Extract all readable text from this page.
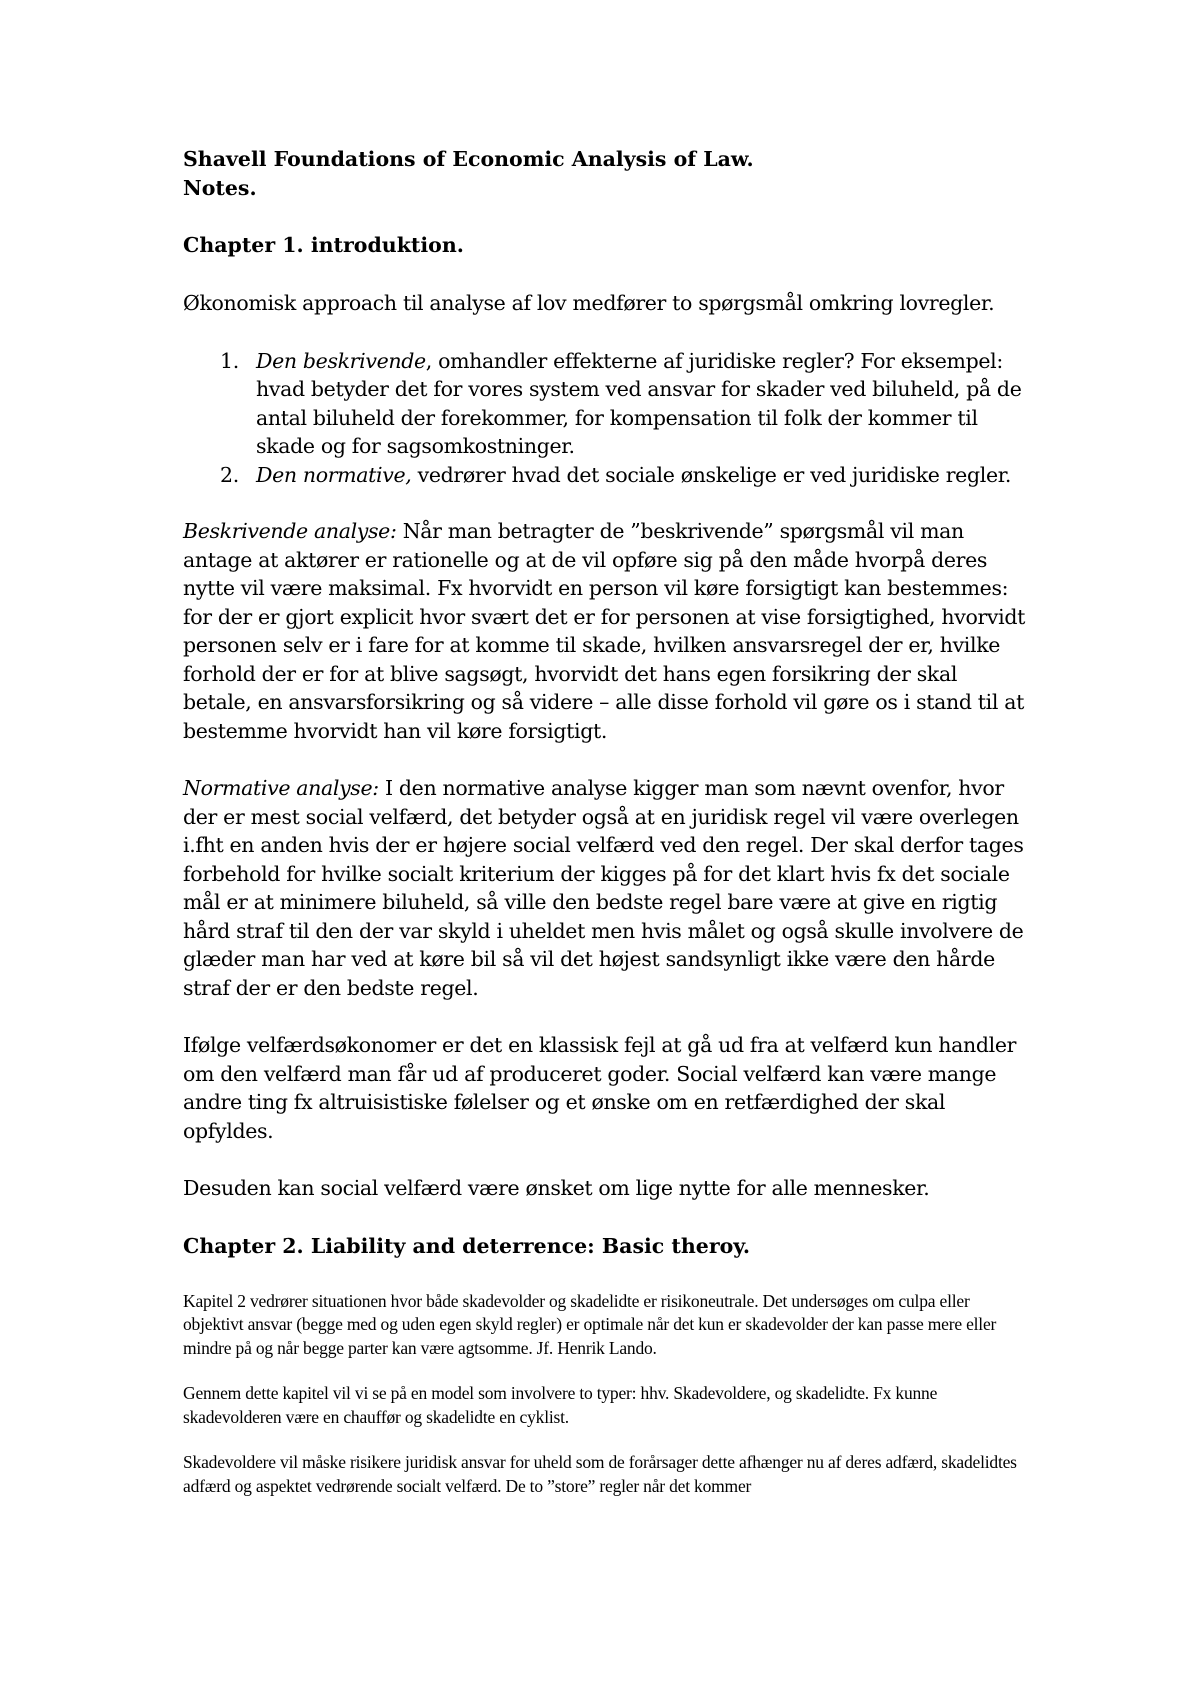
Shavell Foundations of Economic Analysis of Law.
Notes.
Chapter 1. introduktion.

Økonomisk approach til analyse af lov medfører to spørgsmål omkring lovregler.

1. Den beskrivende, omhandler effekterne af juridiske regler? For eksempel: hvad betyder det for vores system ved ansvar for skader ved biluheld, på de antal biluheld der forekommer, for kompensation til folk der kommer til skade og for sagsomkostninger.
2. Den normative, vedrører hvad det sociale ønskelige er ved juridiske regler.

Beskrivende analyse: Når man betragter de ”beskrivende” spørgsmål vil man antage at aktører er rationelle og at de vil opføre sig på den måde hvorpå deres nytte vil være maksimal. Fx hvorvidt en person vil køre forsigtigt kan bestemmes: for der er gjort explicit hvor svært det er for personen at vise forsigtighed, hvorvidt personen selv er i fare for at komme til skade, hvilken ansvarsregel der er, hvilke forhold der er for at blive sagsøgt, hvorvidt det hans egen forsikring der skal betale, en ansvarsforsikring og så videre – alle disse forhold vil gøre os i stand til at bestemme hvorvidt han vil køre forsigtigt.

Normative analyse: I den normative analyse kigger man som nævnt ovenfor, hvor der er mest social velfærd, det betyder også at en juridisk regel vil være overlegen i.fht en anden hvis der er højere social velfærd ved den regel. Der skal derfor tages forbehold for hvilke socialt kriterium der kigges på for det klart hvis fx det sociale mål er at minimere biluheld, så ville den bedste regel bare være at give en rigtig hård straf til den der var skyld i uheldet men hvis målet og også skulle involvere de glæder man har ved at køre bil så vil det højest sandsynligt ikke være den hårde straf der er den bedste regel.

Ifølge velfærdsøkonomer er det en klassisk fejl at gå ud fra at velfærd kun handler om den velfærd man får ud af produceret goder. Social velfærd kan være mange andre ting fx altruisistiske følelser og et ønske om en retfærdighed der skal opfyldes.

Desuden kan social velfærd være ønsket om lige nytte for alle mennesker.

Chapter 2. Liability and deterrence: Basic theroy.

Kapitel 2 vedrører situationen hvor både skadevolder og skadelidte er risikoneutrale. Det undersøges om culpa eller objektivt ansvar (begge med og uden egen skyld regler) er optimale når det kun er skadevolder der kan passe mere eller mindre på og når begge parter kan være agtsomme. Jf. Henrik Lando.

Gennem dette kapitel vil vi se på en model som involvere to typer: hhv. Skadevoldere, og skadelidte. Fx kunne skadevolderen være en chauffør og skadelidte en cyklist.

Skadevoldere vil måske risikere juridisk ansvar for uheld som de forårsager dette afhænger nu af deres adfærd, skadelidtes adfærd og aspektet vedrørende socialt velfærd. De to ”store” regler når det kommer
